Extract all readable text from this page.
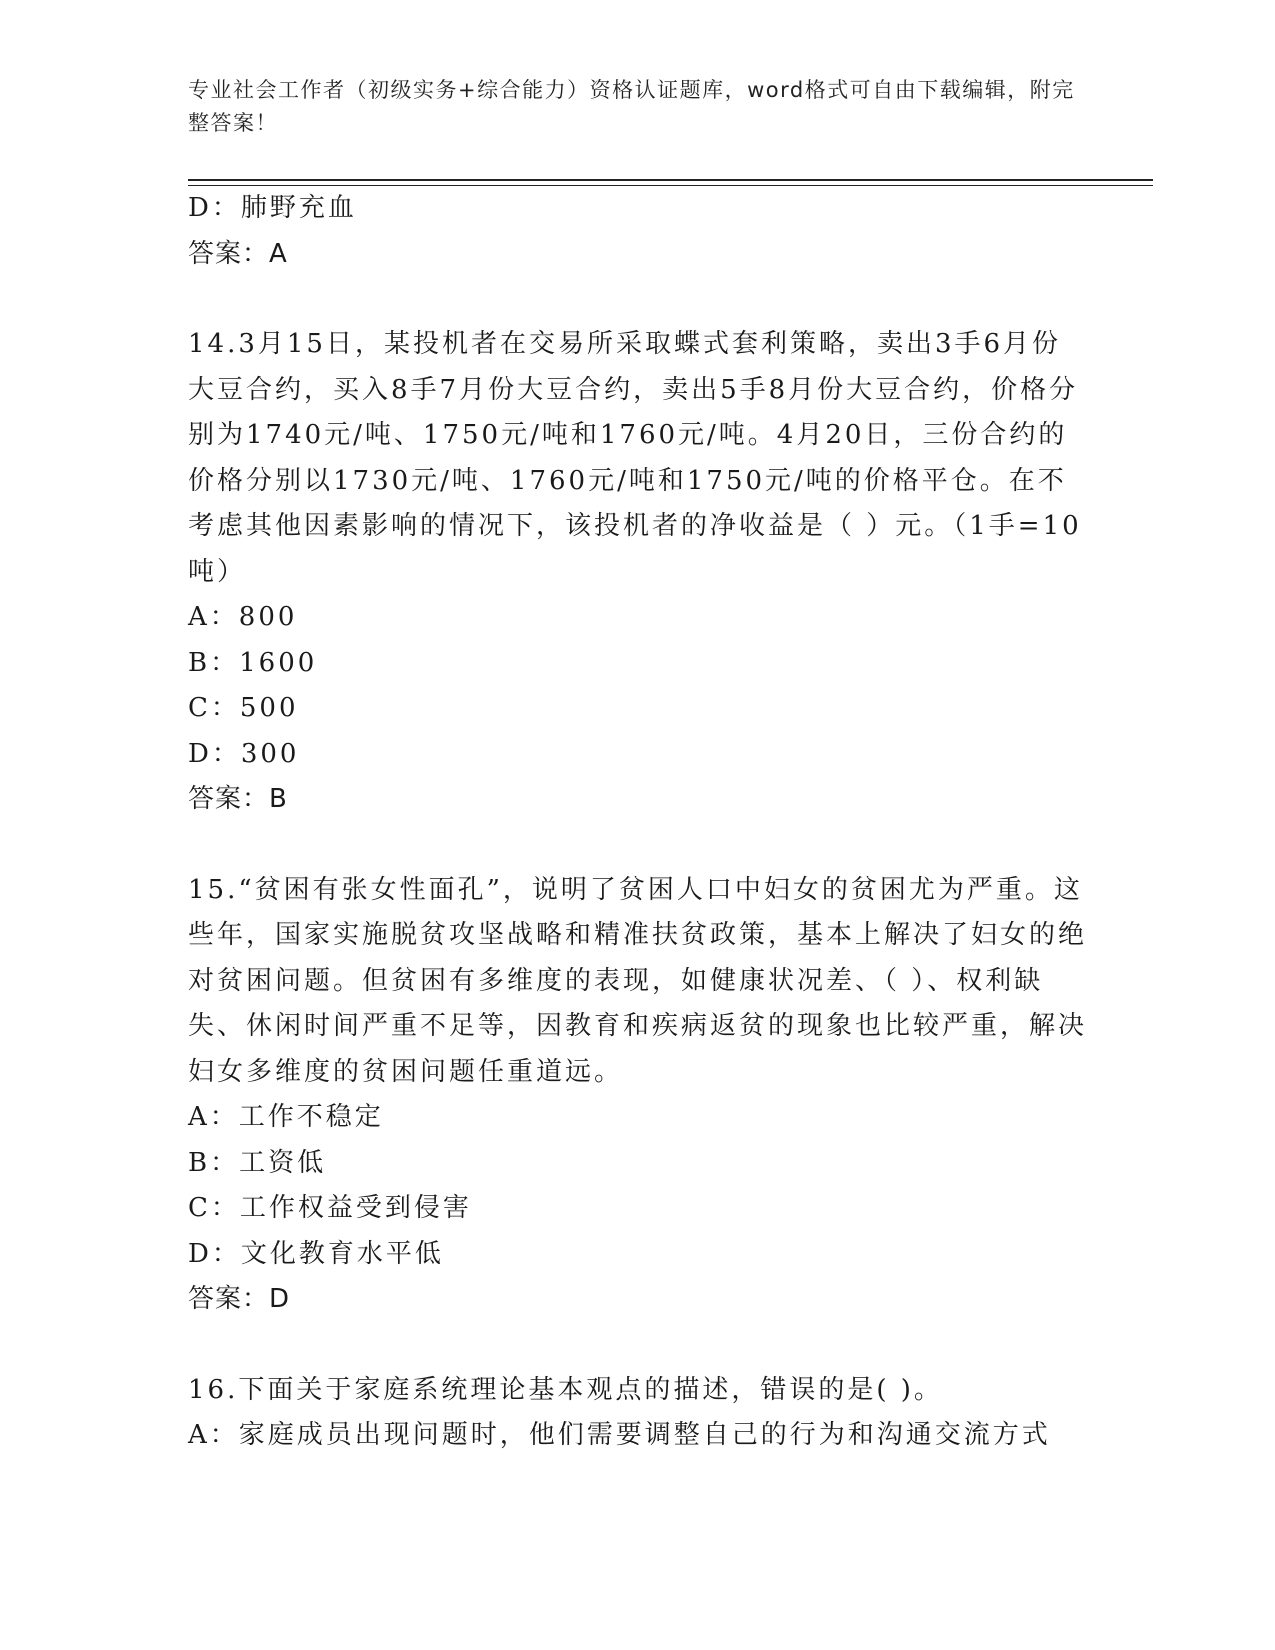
专业社会工作者（初级实务+综合能力）资格认证题库，word格式可自由下载编辑，附完整答案！

D：肺野充血

答案：A

14.3月15日，某投机者在交易所采取蝶式套利策略，卖出3手6月份大豆合约，买入8手7月份大豆合约，卖出5手8月份大豆合约，价格分别为1740元/吨、1750元/吨和1760元/吨。4月20日，三份合约的价格分别以1730元/吨、1760元/吨和1750元/吨的价格平仓。在不考虑其他因素影响的情况下，该投机者的净收益是（ ）元。（1手=10吨）

A：800

B：1600

C：500

D：300

答案：B

15.“贫困有张女性面孔”，说明了贫困人口中妇女的贫困尤为严重。这些年，国家实施脱贫攻坚战略和精准扶贫政策，基本上解决了妇女的绝对贫困问题。但贫困有多维度的表现，如健康状况差、（ ）、权利缺失、休闲时间严重不足等，因教育和疾病返贫的现象也比较严重，解决妇女多维度的贫困问题任重道远。

A：工作不稳定

B：工资低

C：工作权益受到侵害

D：文化教育水平低

答案：D

16.下面关于家庭系统理论基本观点的描述，错误的是( )。

A：家庭成员出现问题时，他们需要调整自己的行为和沟通交流方式
